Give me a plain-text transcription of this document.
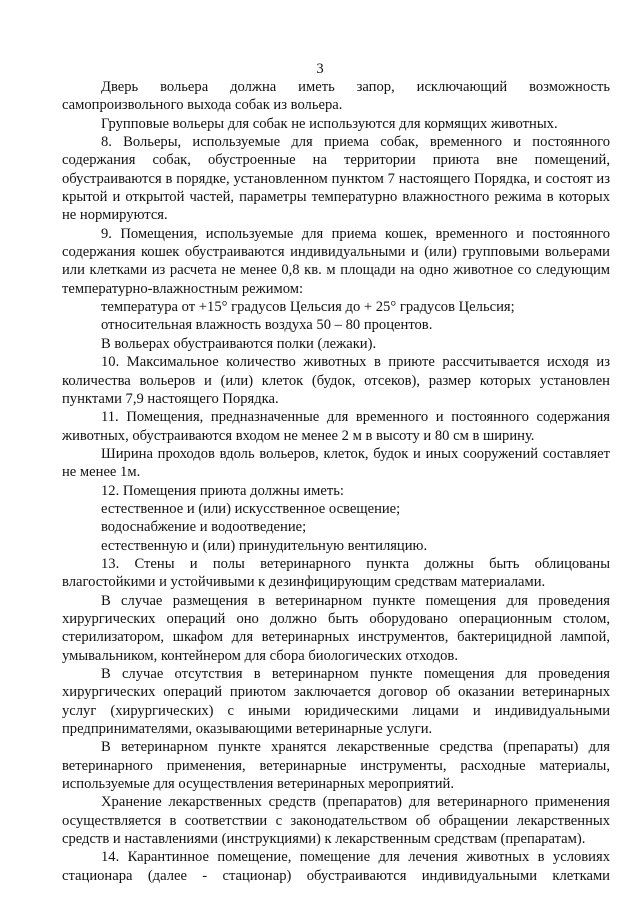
3

Дверь вольера должна иметь запор, исключающий возможность самопроизвольного выхода собак из вольера.

Групповые вольеры для собак не используются для кормящих животных.

8. Вольеры, используемые для приема собак, временного и постоянного содержания собак, обустроенные на территории приюта вне помещений, обустраиваются в порядке, установленном пунктом 7 настоящего Порядка, и состоят из крытой и открытой частей, параметры температурно влажностного режима в которых не нормируются.

9. Помещения, используемые для приема кошек, временного и постоянного содержания кошек обустраиваются индивидуальными и (или) групповыми вольерами или клетками из расчета не менее 0,8 кв. м площади на одно животное со следующим температурно-влажностным режимом:

температура от +15° градусов Цельсия до + 25° градусов Цельсия;

относительная влажность воздуха 50 – 80 процентов.

В вольерах обустраиваются полки (лежаки).

10. Максимальное количество животных в приюте рассчитывается исходя из количества вольеров и (или) клеток (будок, отсеков), размер которых установлен пунктами 7,9 настоящего Порядка.

11. Помещения, предназначенные для временного и постоянного содержания животных, обустраиваются входом не менее 2 м в высоту и 80 см в ширину.

Ширина проходов вдоль вольеров, клеток, будок и иных сооружений составляет не менее 1м.

12. Помещения приюта должны иметь:

естественное и (или) искусственное освещение;

водоснабжение и водоотведение;

естественную и (или) принудительную вентиляцию.

13. Стены и полы ветеринарного пункта должны быть облицованы влагостойкими и устойчивыми к дезинфицирующим средствам материалами.

В случае размещения в ветеринарном пункте помещения для проведения хирургических операций оно должно быть оборудовано операционным столом, стерилизатором, шкафом для ветеринарных инструментов, бактерицидной лампой, умывальником, контейнером для сбора биологических отходов.

В случае отсутствия в ветеринарном пункте помещения для проведения хирургических операций приютом заключается договор об оказании ветеринарных услуг (хирургических) с иными юридическими лицами и индивидуальными предпринимателями, оказывающими ветеринарные услуги.

В ветеринарном пункте хранятся лекарственные средства (препараты) для ветеринарного применения, ветеринарные инструменты, расходные материалы, используемые для осуществления ветеринарных мероприятий.

Хранение лекарственных средств (препаратов) для ветеринарного применения осуществляется в соответствии с законодательством об обращении лекарственных средств и наставлениями (инструкциями) к лекарственным средствам (препаратам).

14. Карантинное помещение, помещение для лечения животных в условиях стационара (далее - стационар) обустраиваются индивидуальными клетками
